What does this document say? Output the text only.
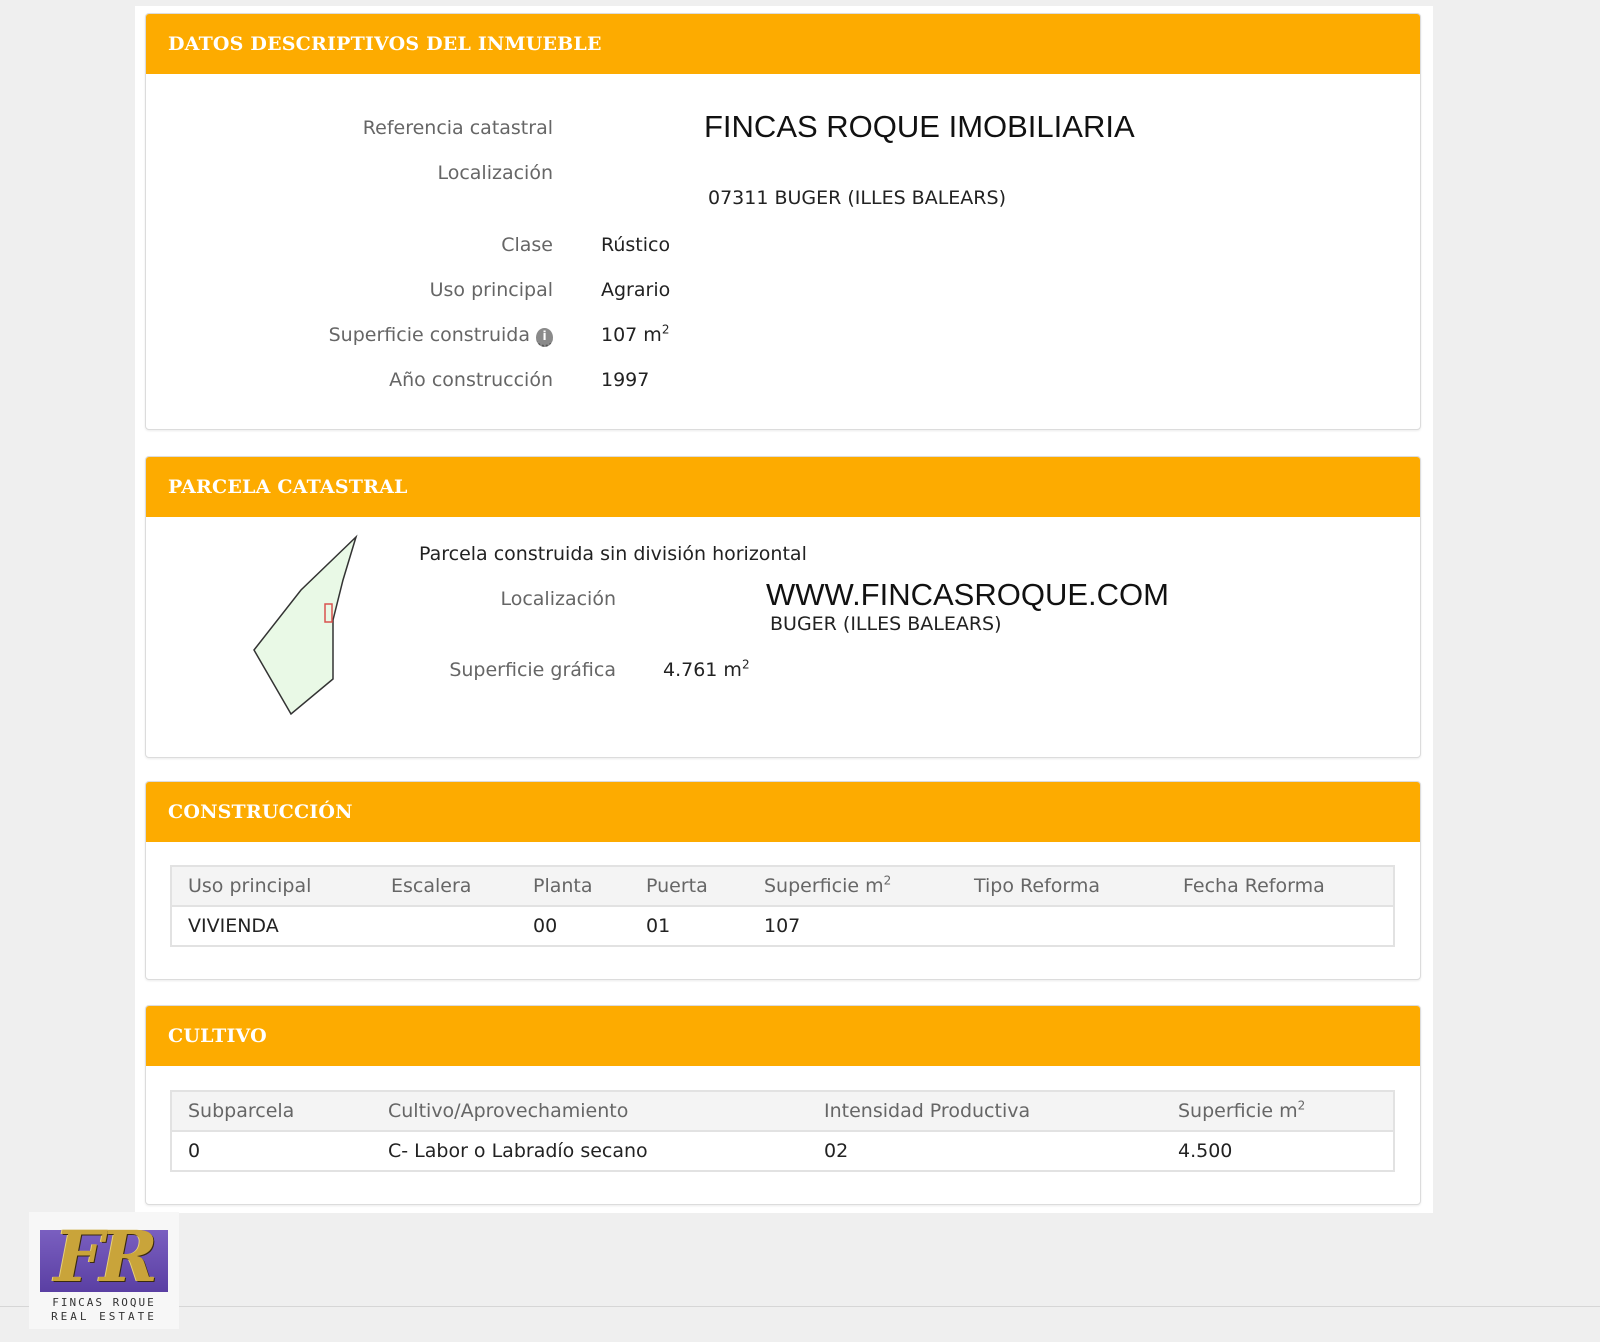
DATOS DESCRIPTIVOS DEL INMUEBLE
Referencia catastral	FINCAS ROQUE IMOBILIARIA
Localización
07311 BUGER (ILLES BALEARS)
Clase	Rústico
Uso principal	Agrario
Superficie construida i	107 $m^2$
Año construcción	1997
PARCELA CATASTRAL
Parcela construida sin división horizontal
Localización	WWW.FINCASROQUE.COM
BUGER (ILLES BALEARS)
Superficie gráfica 4.761 $m^2$
CONSTRUCCIÓN
Uso principal	Escalera	Planta	Puerta	Superficie $m^2$	Tipo Reforma	Fecha Reforma
VIVIENDA		00	01	107		
CULTIVO
Subparcela	Cultivo/Aprovechamiento	Intensidad Productiva	Superficie $m^2$
0	C- Labor o Labradío secano	02	4.500
FR
FINCAS ROQUE
REAL ESTATE
